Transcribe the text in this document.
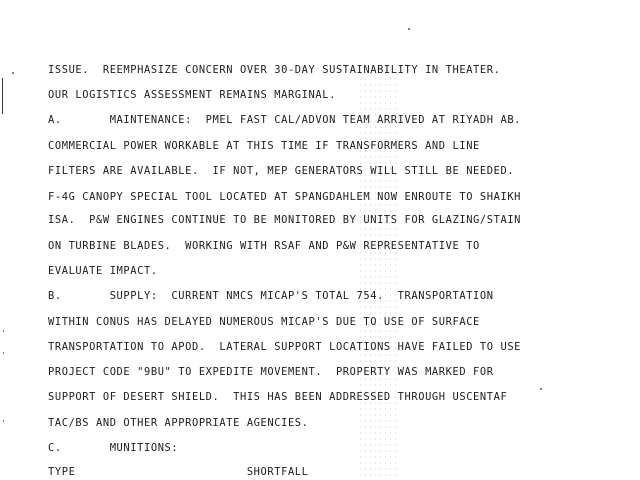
ISSUE.  REEMPHASIZE CONCERN OVER 30-DAY SUSTAINABILITY IN THEATER.
OUR LOGISTICS ASSESSMENT REMAINS MARGINAL.
A.       MAINTENANCE:  PMEL FAST CAL/ADVON TEAM ARRIVED AT RIYADH AB.
COMMERCIAL POWER WORKABLE AT THIS TIME IF TRANSFORMERS AND LINE
FILTERS ARE AVAILABLE.  IF NOT, MEP GENERATORS WILL STILL BE NEEDED.
F-4G CANOPY SPECIAL TOOL LOCATED AT SPANGDAHLEM NOW ENROUTE TO SHAIKH
ISA.  P&W ENGINES CONTINUE TO BE MONITORED BY UNITS FOR GLAZING/STAIN
ON TURBINE BLADES.  WORKING WITH RSAF AND P&W REPRESENTATIVE TO
EVALUATE IMPACT.
B.       SUPPLY:  CURRENT NMCS MICAP'S TOTAL 754.  TRANSPORTATION
WITHIN CONUS HAS DELAYED NUMEROUS MICAP'S DUE TO USE OF SURFACE
TRANSPORTATION TO APOD.  LATERAL SUPPORT LOCATIONS HAVE FAILED TO USE
PROJECT CODE "9BU" TO EXPEDITE MOVEMENT.  PROPERTY WAS MARKED FOR
SUPPORT OF DESERT SHIELD.  THIS HAS BEEN ADDRESSED THROUGH USCENTAF
TAC/BS AND OTHER APPROPRIATE AGENCIES.
C.       MUNITIONS:
TYPE                         SHORTFALL
